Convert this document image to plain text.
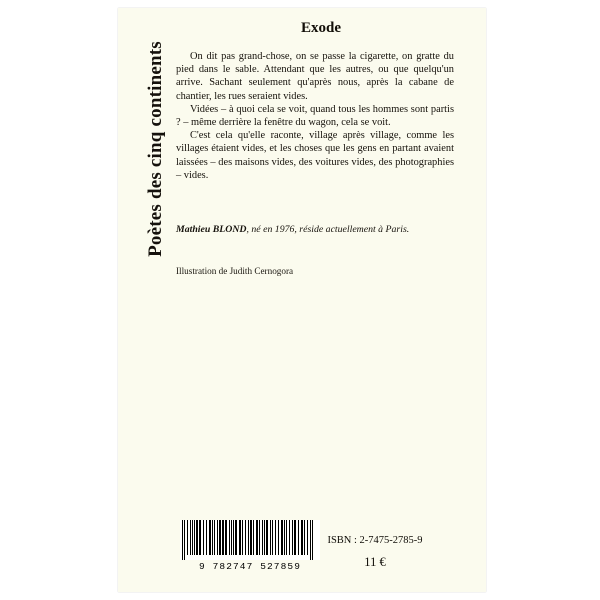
Poètes des cinq continents
Exode

On dit pas grand-chose, on se passe la cigarette, on gratte du pied dans le sable. Attendant que les autres, ou que quelqu'un arrive. Sachant seulement qu'après nous, après la cabane de chantier, les rues seraient vides.

Vidées – à quoi cela se voit, quand tous les hommes sont partis ? – même derrière la fenêtre du wagon, cela se voit.

C'est cela qu'elle raconte, village après village, comme les villages étaient vides, et les choses que les gens en partant avaient laissées – des maisons vides, des voitures vides, des photographies – vides.

Mathieu BLOND, né en 1976, réside actuellement à Paris.
Illustration de Judith Cernogora
9 782747 527859
ISBN : 2-7475-2785-9
11 €
